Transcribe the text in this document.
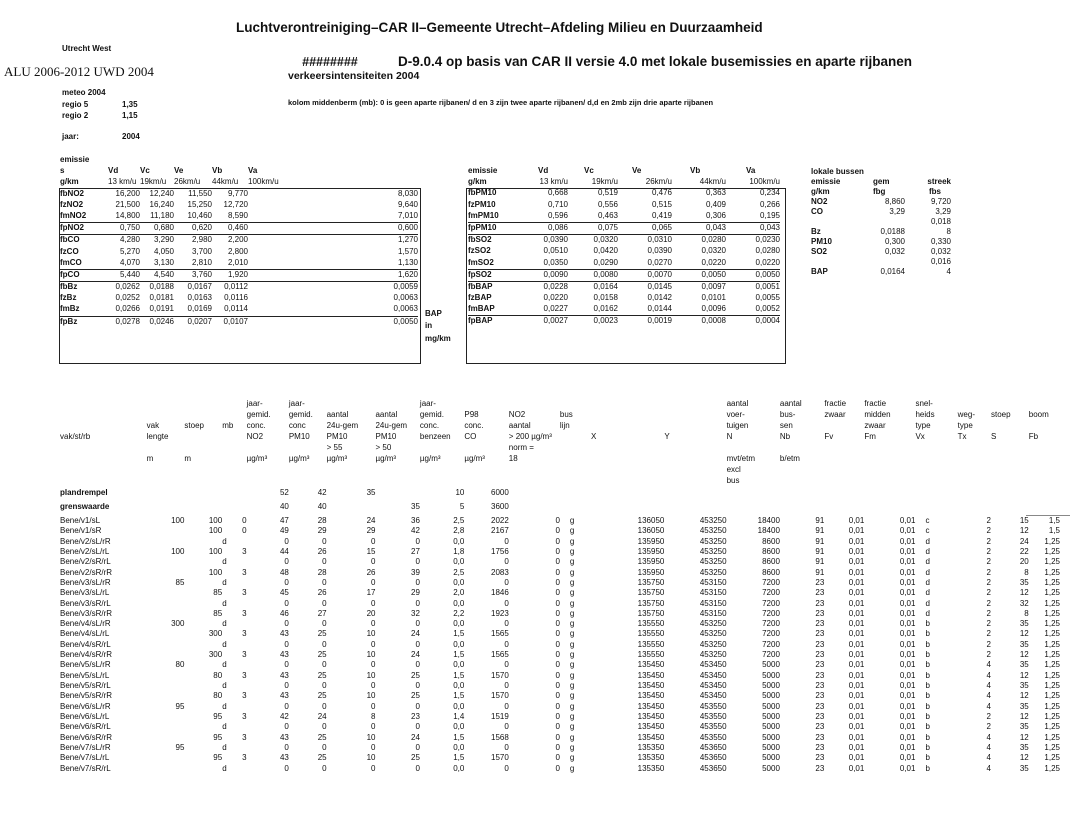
Luchtverontreiniging–CAR II–Gemeente Utrecht–Afdeling Milieu en Duurzaamheid
Utrecht West
ALU 2006-2012 UWD 2004
########	D-9.0.4 op basis van CAR II versie 4.0 met lokale busemissies en aparte rijbanen
verkeersintensiteiten 2004
kolom middenberm (mb): 0 is geen aparte rijbanen/ d en 3 zijn twee aparte rijbanen/ d,d en 2mb zijn drie aparte rijbanen
meteo 2004
regio 5	1,35
regio 2	1,15
jaar:	2004
emissie					
s	Vd	Vc	Ve	Vb	Va
g/km	13 km/u	19km/u	26km/u	44km/u	100km/u
fbNO2	16,200	12,240	11,550	9,770	8,030
fzNO2	21,500	16,240	15,250	12,720	9,640
fmNO2	14,800	11,180	10,460	8,590	7,010
fpNO2	0,750	0,680	0,620	0,460	0,600
fbCO	4,280	3,290	2,980	2,200	1,270
fzCO	5,270	4,050	3,700	2,800	1,570
fmCO	4,070	3,130	2,810	2,010	1,130
fpCO	5,440	4,540	3,760	1,920	1,620
fbBz	0,0262	0,0188	0,0167	0,0112	0,0059
fzBz	0,0252	0,0181	0,0163	0,0116	0,0063
fmBz	0,0266	0,0191	0,0169	0,0114	0,0063
fpBz	0,0278	0,0246	0,0207	0,0107	0,0050
BAP
in
mg/km
emissie	Vd	Vc	Ve	Vb	Va
g/km	13 km/u	19km/u	26km/u	44km/u	100km/u
fbPM10	0,668	0,519	0,476	0,363	0,234
fzPM10	0,710	0,556	0,515	0,409	0,266
fmPM10	0,596	0,463	0,419	0,306	0,195
fpPM10	0,086	0,075	0,065	0,043	0,043
fbSO2	0,0390	0,0320	0,0310	0,0280	0,0230
fzSO2	0,0510	0,0420	0,0390	0,0320	0,0280
fmSO2	0,0350	0,0290	0,0270	0,0220	0,0220
fpSO2	0,0090	0,0080	0,0070	0,0050	0,0050
fbBAP	0,0228	0,0164	0,0145	0,0097	0,0051
fzBAP	0,0220	0,0158	0,0142	0,0101	0,0055
fmBAP	0,0227	0,0162	0,0144	0,0096	0,0052
fpBAP	0,0027	0,0023	0,0019	0,0008	0,0004
lokale bussen
emissie	gem	streek
g/km	fbg	fbs
NO2	8,860	9,720

CO	3,29	3,29
0,018

Bz	0,0188	8

PM10	0,300	0,330

SO2	0,032	0,032
0,016

BAP	0,0164	4

				jaar-	jaar-			jaar-						aantal	aantal	fractie	fractie	snel-			
				gemid.	gemid.	aantal	aantal	gemid.	P98	NO2	bus			voer-	bus-	zwaar	midden	heids	weg-	stoep	boom
	vak	stoep	mb	conc.	conc	24u-gem	24u-gem	conc.	conc.	aantal	lijn			tuigen	sen		zwaar	type	type		
vak/st/rb	lengte			NO2	PM10	PM10	PM10	benzeen	CO	> 200 µg/m³		X	Y	N	Nb	Fv	Fm	Vx	Tx	S	Fb
						> 55	> 50			norm =											
	m	m		µg/m³	µg/m³	µg/m³	µg/m³	µg/m³	µg/m³	18				mvt/etm	b/etm						
														excl							
														bus							
plandrempel				52	42	35		10	6000												
grenswaarde				40	40		35	5	3600												
Bene/v1/sL	100	100	0	47	28	24	36	2,5	2022	0	g	136050	453250	18400	91	0,01	0,01	c	2	15	1,5
Bene/v1/sR		100	0	49	29	29	42	2,8	2167	0	g	136050	453250	18400	91	0,01	0,01	c	2	12	1,5
Bene/v2/sL/rR			d	0	0	0	0	0,0	0	0	g	135950	453250	8600	91	0,01	0,01	d	2	24	1,25
Bene/v2/sL/rL	100	100	3	44	26	15	27	1,8	1756	0	g	135950	453250	8600	91	0,01	0,01	d	2	22	1,25
Bene/v2/sR/rL			d	0	0	0	0	0,0	0	0	g	135950	453250	8600	91	0,01	0,01	d	2	20	1,25
Bene/v2/sR/rR		100	3	48	28	26	39	2,5	2083	0	g	135950	453250	8600	91	0,01	0,01	d	2	8	1,25
Bene/v3/sL/rR	85		d	0	0	0	0	0,0	0	0	g	135750	453150	7200	23	0,01	0,01	d	2	35	1,25
Bene/v3/sL/rL		85	3	45	26	17	29	2,0	1846	0	g	135750	453150	7200	23	0,01	0,01	d	2	12	1,25
Bene/v3/sR/rL			d	0	0	0	0	0,0	0	0	g	135750	453150	7200	23	0,01	0,01	d	2	32	1,25
Bene/v3/sR/rR		85	3	46	27	20	32	2,2	1923	0	g	135750	453150	7200	23	0,01	0,01	d	2	8	1,25
Bene/v4/sL/rR	300		d	0	0	0	0	0,0	0	0	g	135550	453250	7200	23	0,01	0,01	b	2	35	1,25
Bene/v4/sL/rL		300	3	43	25	10	24	1,5	1565	0	g	135550	453250	7200	23	0,01	0,01	b	2	12	1,25
Bene/v4/sR/rL			d	0	0	0	0	0,0	0	0	g	135550	453250	7200	23	0,01	0,01	b	2	35	1,25
Bene/v4/sR/rR		300	3	43	25	10	24	1,5	1565	0	g	135550	453250	7200	23	0,01	0,01	b	2	12	1,25
Bene/v5/sL/rR	80		d	0	0	0	0	0,0	0	0	g	135450	453450	5000	23	0,01	0,01	b	4	35	1,25
Bene/v5/sL/rL		80	3	43	25	10	25	1,5	1570	0	g	135450	453450	5000	23	0,01	0,01	b	4	12	1,25
Bene/v5/sR/rL			d	0	0	0	0	0,0	0	0	g	135450	453450	5000	23	0,01	0,01	b	4	35	1,25
Bene/v5/sR/rR		80	3	43	25	10	25	1,5	1570	0	g	135450	453450	5000	23	0,01	0,01	b	4	12	1,25
Bene/v6/sL/rR	95		d	0	0	0	0	0,0	0	0	g	135450	453550	5000	23	0,01	0,01	b	4	35	1,25
Bene/v6/sL/rL		95	3	42	24	8	23	1,4	1519	0	g	135450	453550	5000	23	0,01	0,01	b	2	12	1,25
Bene/v6/sR/rL			d	0	0	0	0	0,0	0	0	g	135450	453550	5000	23	0,01	0,01	b	2	35	1,25
Bene/v6/sR/rR		95	3	43	25	10	24	1,5	1568	0	g	135450	453550	5000	23	0,01	0,01	b	4	12	1,25
Bene/v7/sL/rR	95		d	0	0	0	0	0,0	0	0	g	135350	453650	5000	23	0,01	0,01	b	4	35	1,25
Bene/v7/sL/rL		95	3	43	25	10	25	1,5	1570	0	g	135350	453650	5000	23	0,01	0,01	b	4	12	1,25
Bene/v7/sR/rL			d	0	0	0	0	0,0	0	0	g	135350	453650	5000	23	0,01	0,01	b	4	35	1,25
